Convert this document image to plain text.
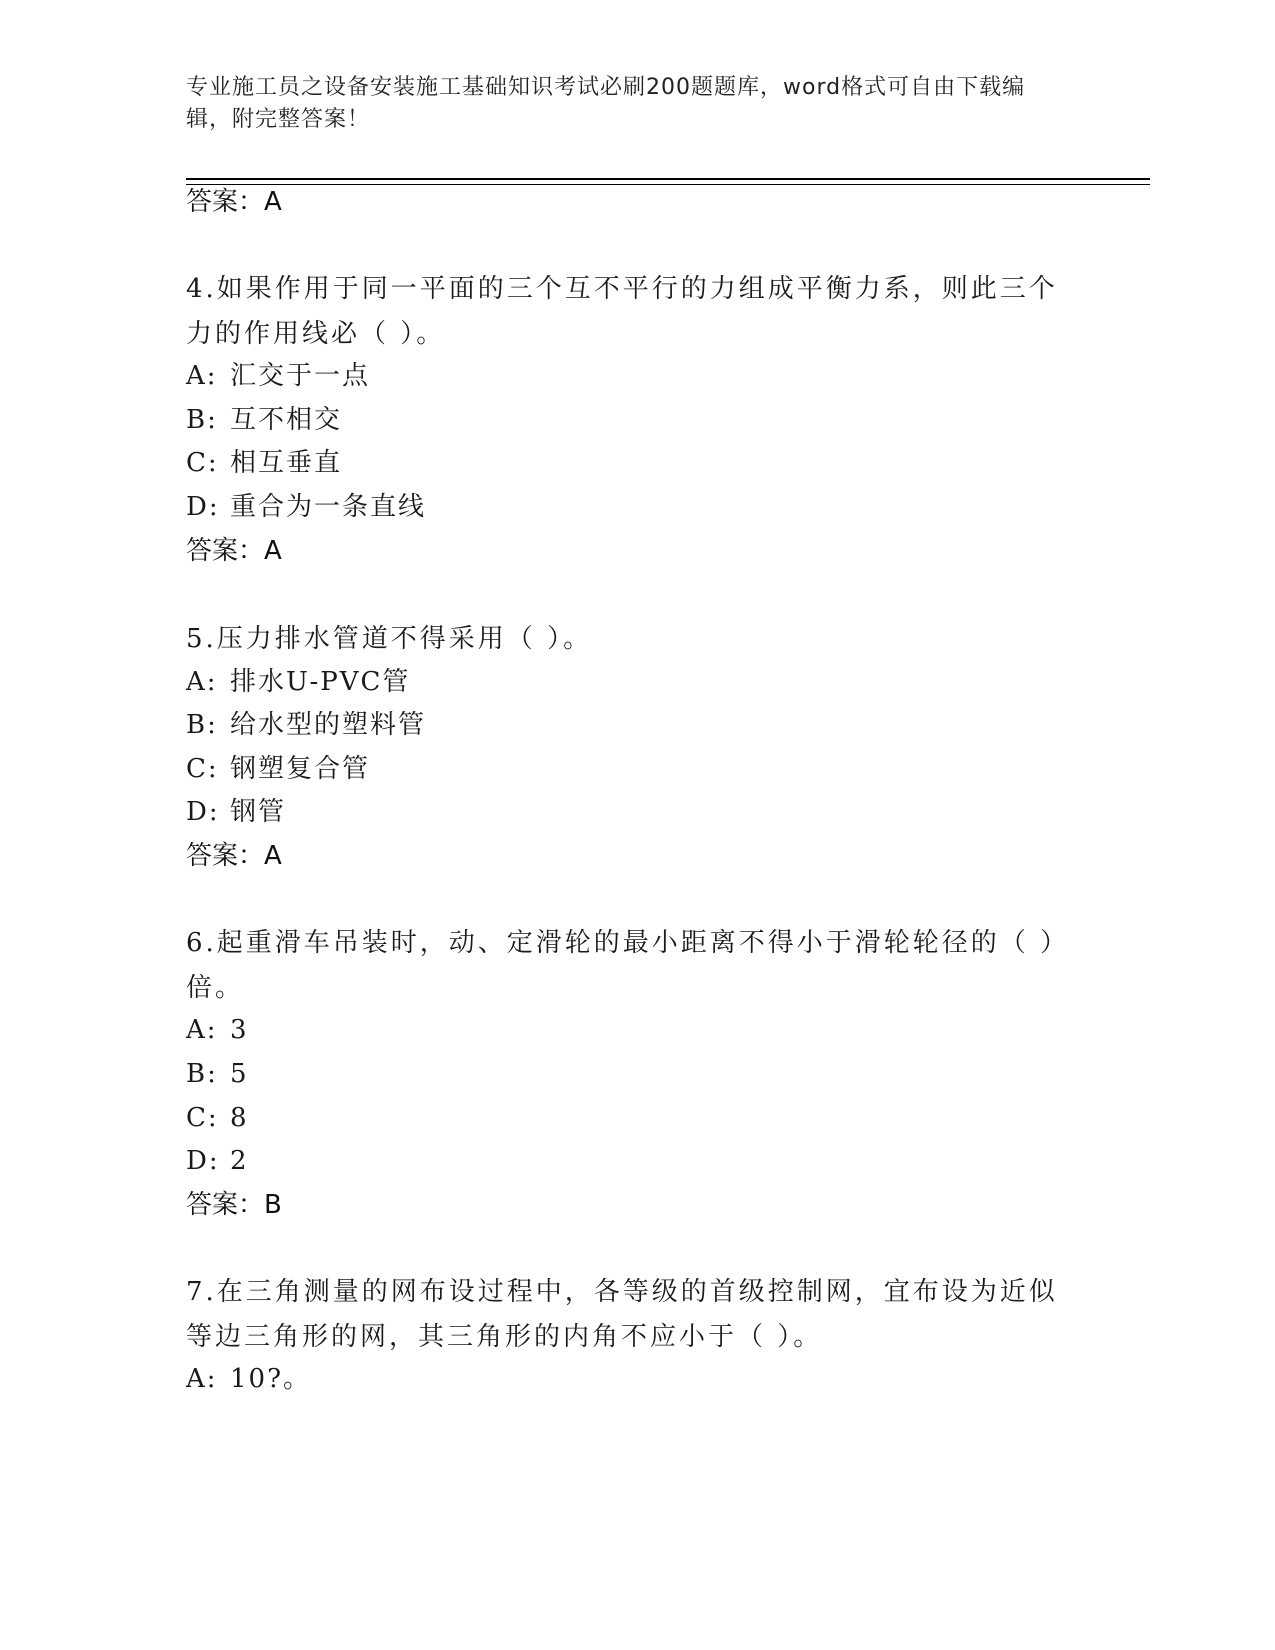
专业施工员之设备安装施工基础知识考试必刷200题题库，word格式可自由下载编辑，附完整答案！
答案：A
4.如果作用于同一平面的三个互不平行的力组成平衡力系，则此三个力的作用线必（ ）。
A: 汇交于一点
B: 互不相交
C: 相互垂直
D: 重合为一条直线
答案：A
5.压力排水管道不得采用（ ）。
A: 排水U-PVC管
B: 给水型的塑料管
C: 钢塑复合管
D: 钢管
答案：A
6.起重滑车吊装时，动、定滑轮的最小距离不得小于滑轮轮径的（ ）倍。
A: 3
B: 5
C: 8
D: 2
答案：B
7.在三角测量的网布设过程中，各等级的首级控制网，宜布设为近似等边三角形的网，其三角形的内角不应小于（ ）。
A: 10?。
